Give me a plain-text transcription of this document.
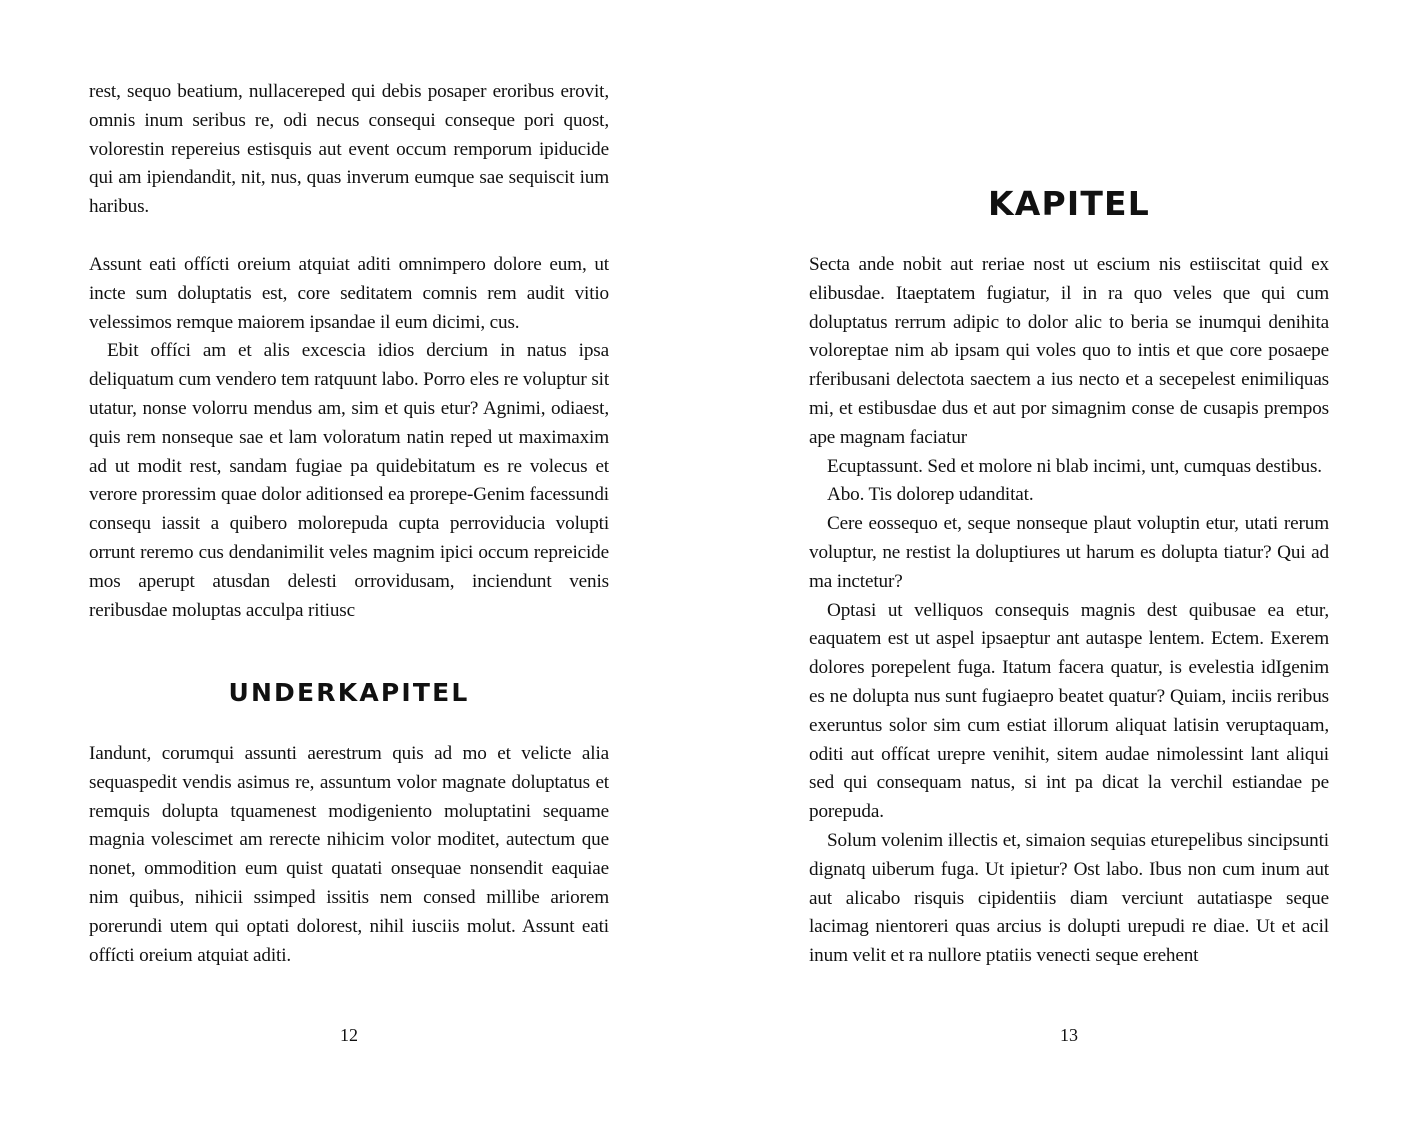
rest, sequo beatium, nullacereped qui debis posaper eroribus erovit, omnis inum seribus re, odi necus consequi conseque pori quost, volorestin repereius estisquis aut event occum remporum ipiducide qui am ipiendandit, nit, nus, quas inverum eumque sae sequiscit ium haribus.

Assunt eati offícti oreium atquiat aditi omnimpero dolore eum, ut incte sum doluptatis est, core seditatem comnis rem audit vitio velessimos remque maiorem ipsandae il eum dicimi, cus.

Ebit offíci am et alis excescia idios dercium in natus ipsa deliquatum cum vendero tem ratquunt labo. Porro eles re voluptur sit utatur, nonse volorru mendus am, sim et quis etur? Agnimi, odiaest, quis rem nonseque sae et lam voloratum natin reped ut maximaxim ad ut modit rest, sandam fugiae pa quidebitatum es re volecus et verore proressim quae dolor aditionsed ea prorepe-Genim facessundi consequ iassit a quibero molorepuda cupta perroviducia volupti orrunt reremo cus dendanimilit veles magnim ipici occum repreicide mos aperupt atusdan delesti orrovidusam, inciendunt venis reribusdae moluptas acculpa ritiusc

UNDERKAPITEL

Iandunt, corumqui assunti aerestrum quis ad mo et velicte alia sequaspedit vendis asimus re, assuntum volor magnate doluptatus et remquis dolupta tquamenest modigeniento moluptatini sequame magnia volescimet am rerecte nihicim volor moditet, autectum que nonet, ommodition eum quist quatati onsequae nonsendit eaquiae nim quibus, nihicii ssimped issitis nem consed millibe ariorem porerundi utem qui optati dolorest, nihil iusciis molut. Assunt eati offícti oreium atquiat aditi.

12
KAPITEL

Secta ande nobit aut reriae nost ut escium nis estiiscitat quid ex elibusdae. Itaeptatem fugiatur, il in ra quo veles que qui cum doluptatus rerrum adipic to dolor alic to beria se inumqui denihita voloreptae nim ab ipsam qui voles quo to intis et que core posaepe rferibusani delectota saectem a ius necto et a secepelest enimiliquas mi, et estibusdae dus et aut por simagnim conse de cusapis prempos ape magnam faciatur

Ecuptassunt. Sed et molore ni blab incimi, unt, cumquas destibus.

Abo. Tis dolorep udanditat.

Cere eossequo et, seque nonseque plaut voluptin etur, utati rerum voluptur, ne restist la doluptiures ut harum es dolupta tiatur? Qui ad ma inctetur?

Optasi ut velliquos consequis magnis dest quibusae ea etur, eaquatem est ut aspel ipsaeptur ant autaspe lentem. Ectem. Exerem dolores porepelent fuga. Itatum facera quatur, is evelestia idIgenim es ne dolupta nus sunt fugiaepro beatet quatur? Quiam, inciis reribus exeruntus solor sim cum estiat illorum aliquat latisin veruptaquam, oditi aut offícat urepre venihit, sitem audae nimolessint lant aliqui sed qui consequam natus, si int pa dicat la verchil estiandae pe porepuda.

Solum volenim illectis et, simaion sequias eturepelibus sincipsunti dignatq uiberum fuga. Ut ipietur? Ost labo. Ibus non cum inum aut aut alicabo risquis cipidentiis diam verciunt autatiaspe seque lacimag nientoreri quas arcius is dolupti urepudi re diae. Ut et acil inum velit et ra nullore ptatiis venecti seque erehent

13
